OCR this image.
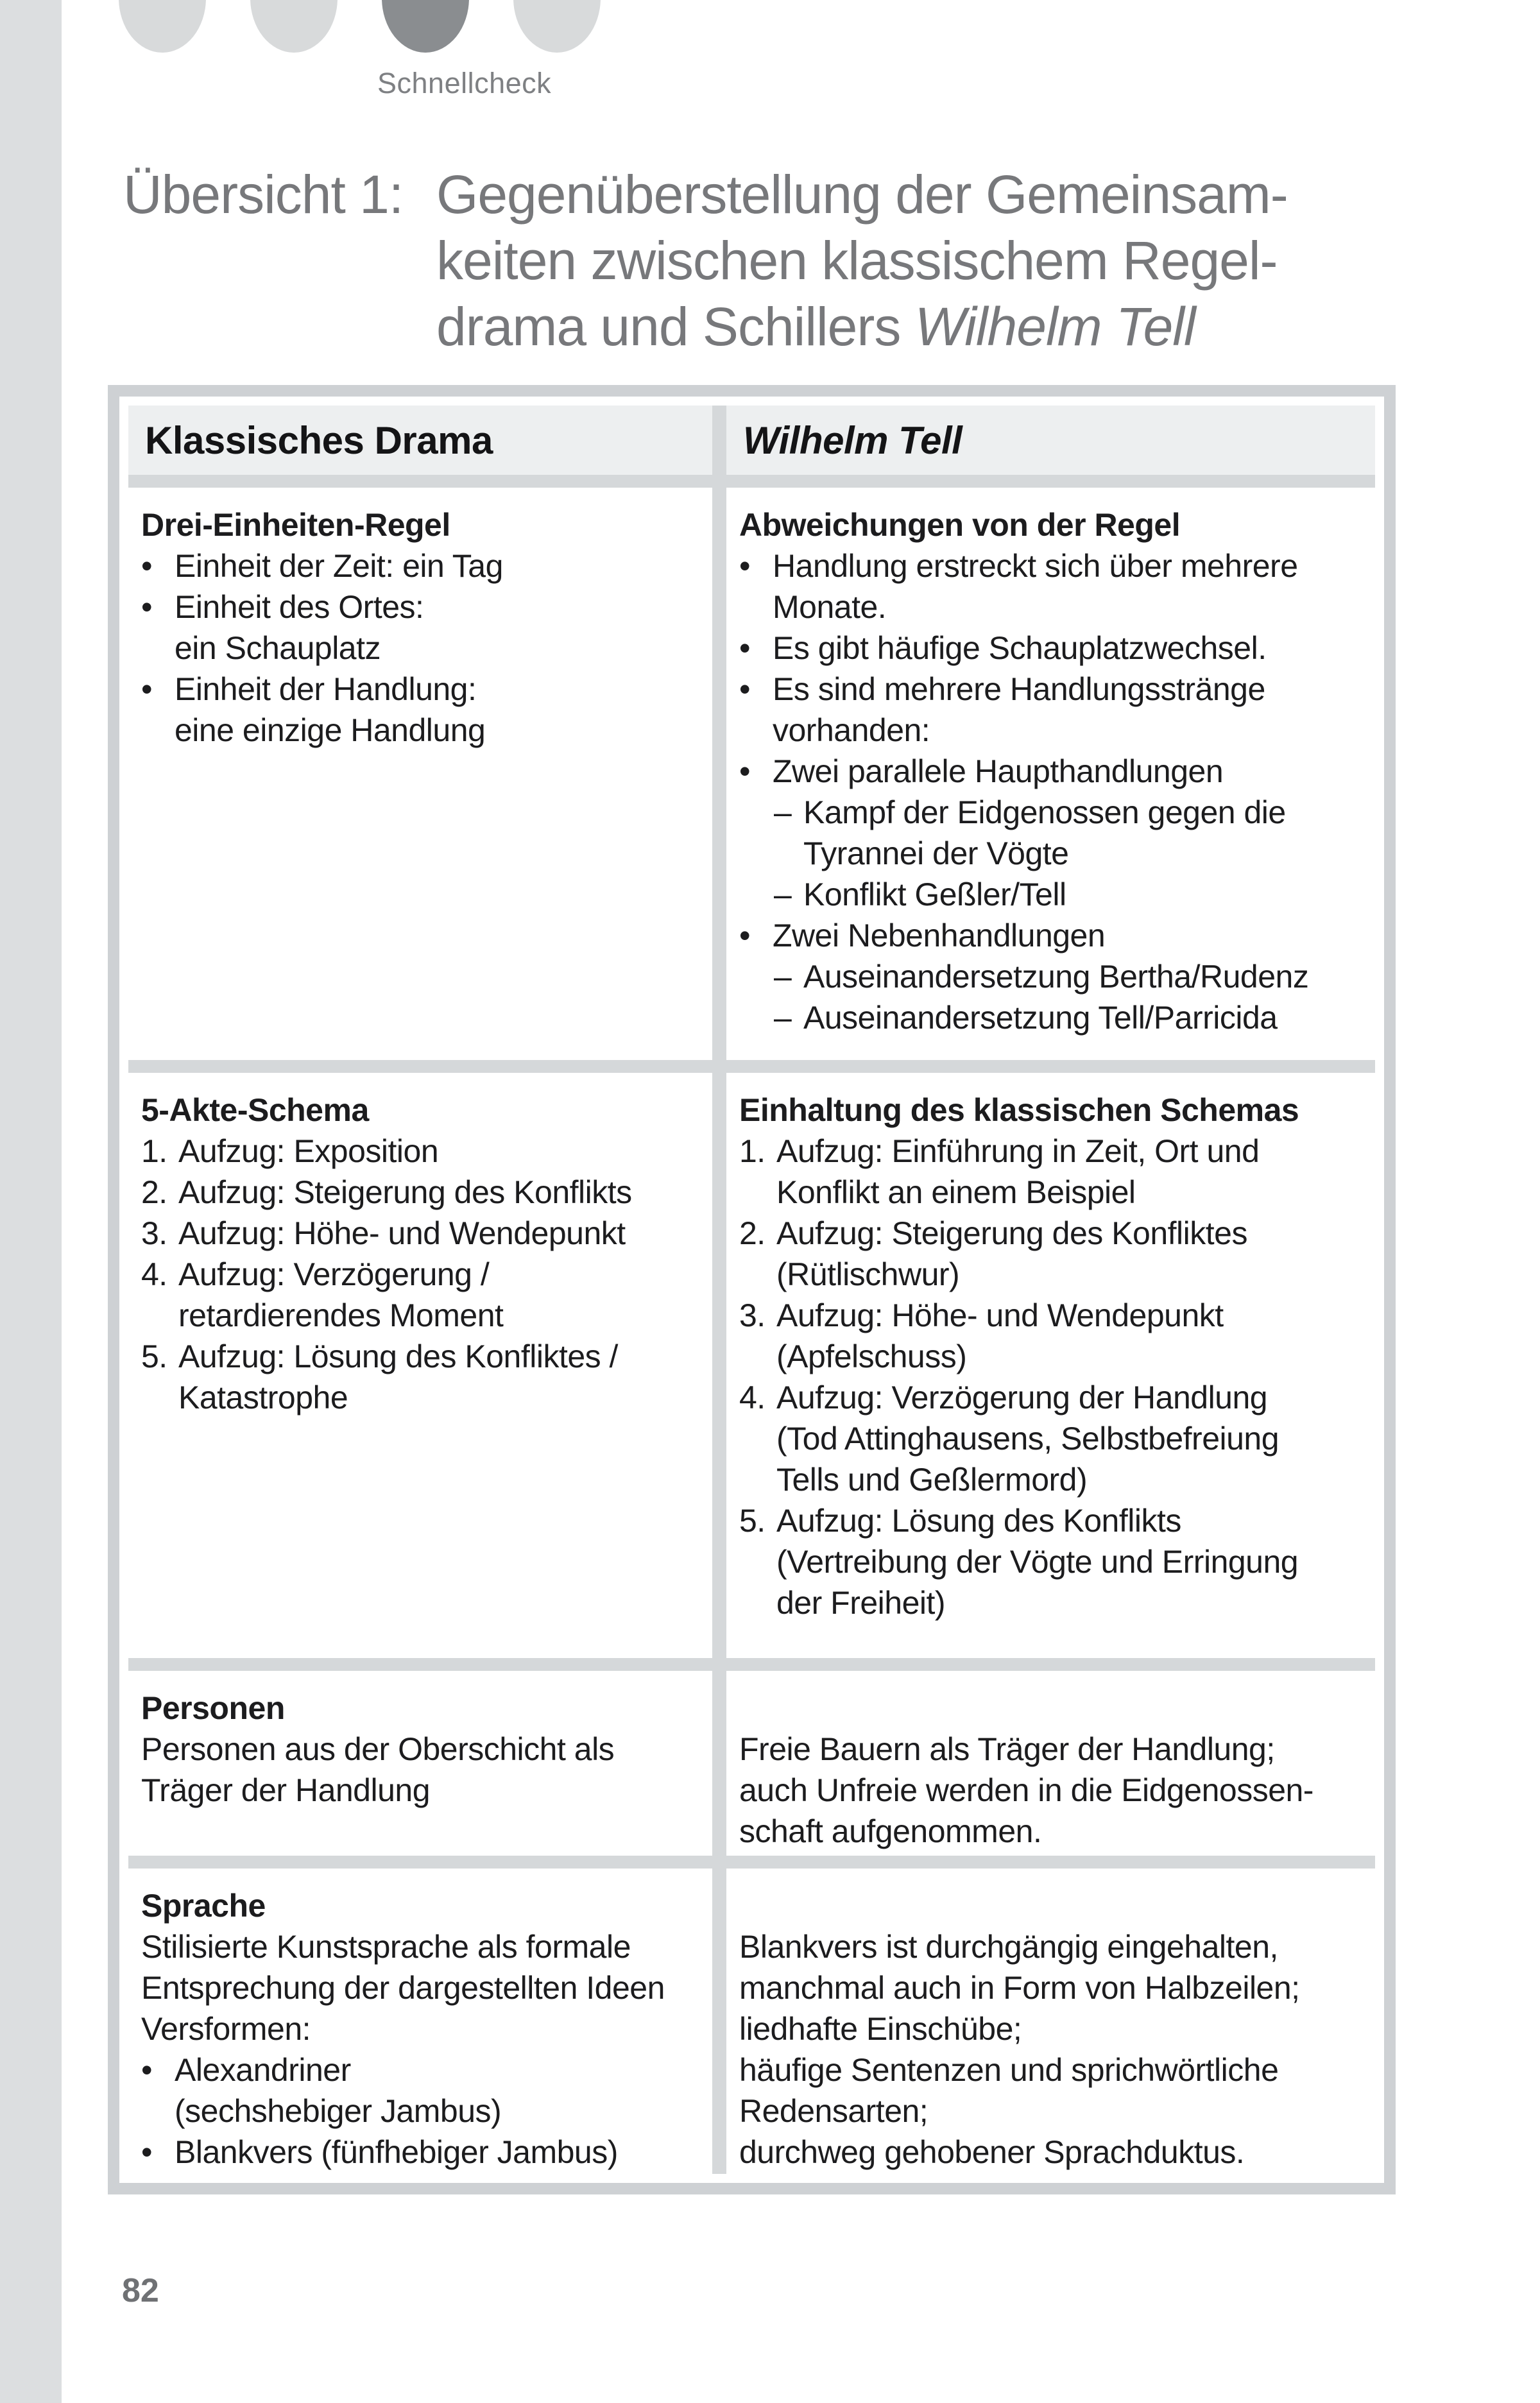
Schnellcheck
Übersicht 1: Gegenüberstellung der Gemeinsam-
keiten zwischen klassischem Regel-
drama und Schillers Wilhelm Tell
Klassisches Drama	Wilhelm Tell
Drei-Einheiten-Regel
• Einheit der Zeit: ein Tag
• Einheit des Ortes:
ein Schauplatz
• Einheit der Handlung:
eine einzige Handlung
Abweichungen von der Regel
• Handlung erstreckt sich über mehrere
Monate.
• Es gibt häufige Schauplatzwechsel.
• Es sind mehrere Handlungsstränge
vorhanden:
• Zwei parallele Haupthandlungen
– Kampf der Eidgenossen gegen die
Tyrannei der Vögte
– Konflikt Geßler/Tell
• Zwei Nebenhandlungen
– Auseinandersetzung Bertha/Rudenz
– Auseinandersetzung Tell/Parricida
5-Akte-Schema
1. Aufzug: Exposition
2. Aufzug: Steigerung des Konflikts
3. Aufzug: Höhe- und Wendepunkt
4. Aufzug: Verzögerung /
retardierendes Moment
5. Aufzug: Lösung des Konfliktes /
Katastrophe
Einhaltung des klassischen Schemas
1. Aufzug: Einführung in Zeit, Ort und
Konflikt an einem Beispiel
2. Aufzug: Steigerung des Konfliktes
(Rütlischwur)
3. Aufzug: Höhe- und Wendepunkt
(Apfelschuss)
4. Aufzug: Verzögerung der Handlung
(Tod Attinghausens, Selbstbefreiung
Tells und Geßlermord)
5. Aufzug: Lösung des Konflikts
(Vertreibung der Vögte und Erringung
der Freiheit)
Personen
Personen aus der Oberschicht als
Träger der Handlung
Freie Bauern als Träger der Handlung;
auch Unfreie werden in die Eidgenossen-
schaft aufgenommen.
Sprache
Stilisierte Kunstsprache als formale
Entsprechung der dargestellten Ideen
Versformen:
• Alexandriner
(sechshebiger Jambus)
• Blankvers (fünfhebiger Jambus)
Blankvers ist durchgängig eingehalten,
manchmal auch in Form von Halbzeilen;
liedhafte Einschübe;
häufige Sentenzen und sprichwörtliche
Redensarten;
durchweg gehobener Sprachduktus.
82
